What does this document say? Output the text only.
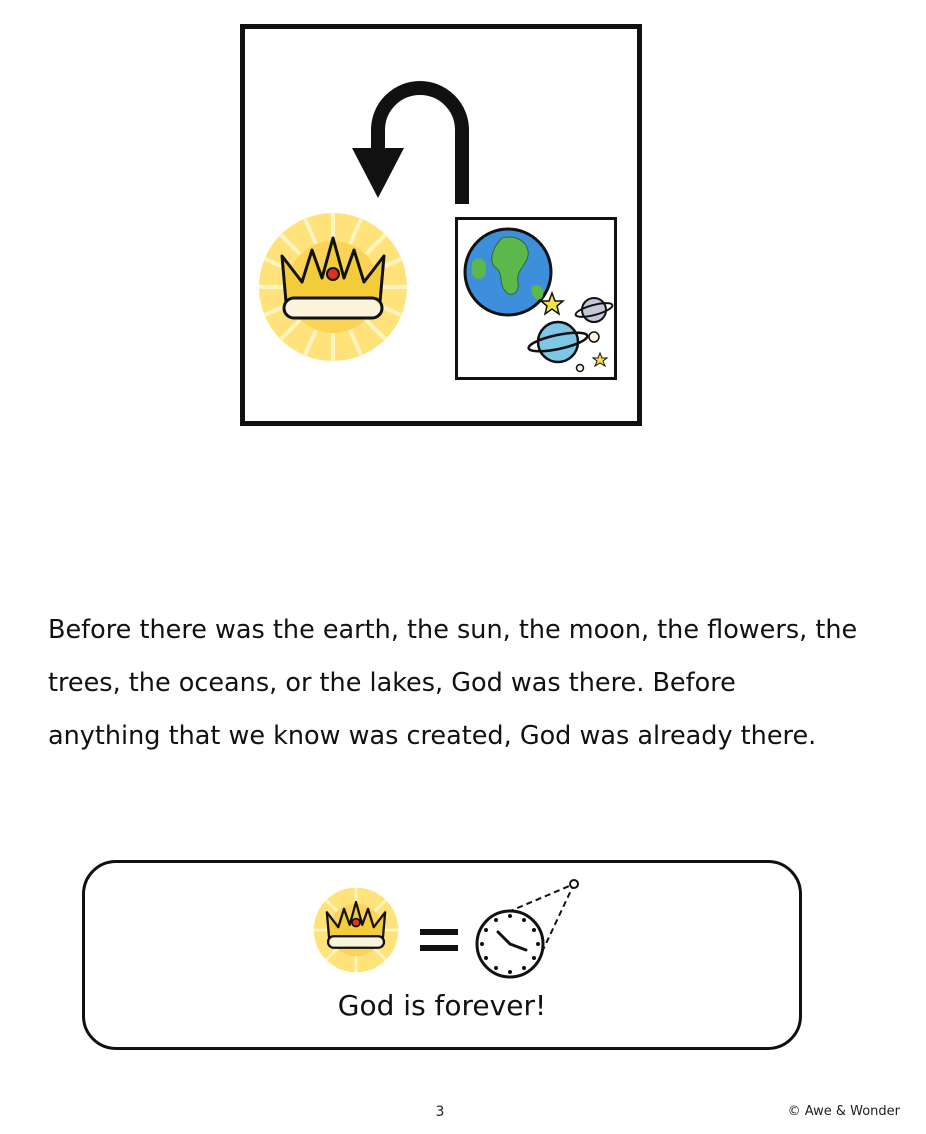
Before there was the earth, the sun, the moon, the flowers, the
trees, the oceans, or the lakes, God was there. Before
anything that we know was created, God was already there.

God is forever!
3	© Awe & Wonder
